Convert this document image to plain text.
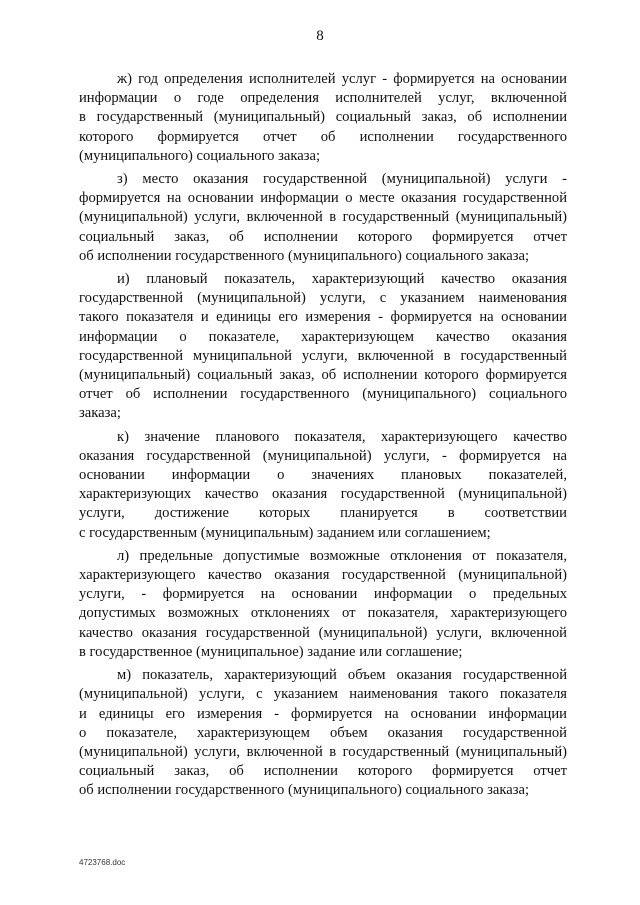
8

ж) год определения исполнителей услуг - формируется на основании
информации о годе определения исполнителей услуг, включенной
в государственный (муниципальный) социальный заказ, об исполнении
которого формируется отчет об исполнении государственного
(муниципального) социального заказа;

з) место оказания государственной (муниципальной) услуги -
формируется на основании информации о месте оказания государственной
(муниципальной) услуги, включенной в государственный (муниципальный)
социальный заказ, об исполнении которого формируется отчет
об исполнении государственного (муниципального) социального заказа;

и) плановый показатель, характеризующий качество оказания
государственной (муниципальной) услуги, с указанием наименования
такого показателя и единицы его измерения - формируется на основании
информации о показателе, характеризующем качество оказания
государственной муниципальной услуги, включенной в государственный
(муниципальный) социальный заказ, об исполнении которого формируется
отчет об исполнении государственного (муниципального) социального
заказа;

к) значение планового показателя, характеризующего качество
оказания государственной (муниципальной) услуги, - формируется на
основании информации о значениях плановых показателей,
характеризующих качество оказания государственной (муниципальной)
услуги, достижение которых планируется в соответствии
с государственным (муниципальным) заданием или соглашением;

л) предельные допустимые возможные отклонения от показателя,
характеризующего качество оказания государственной (муниципальной)
услуги, - формируется на основании информации о предельных
допустимых возможных отклонениях от показателя, характеризующего
качество оказания государственной (муниципальной) услуги, включенной
в государственное (муниципальное) задание или соглашение;

м) показатель, характеризующий объем оказания государственной
(муниципальной) услуги, с указанием наименования такого показателя
и единицы его измерения - формируется на основании информации
о показателе, характеризующем объем оказания государственной
(муниципальной) услуги, включенной в государственный (муниципальный)
социальный заказ, об исполнении которого формируется отчет
об исполнении государственного (муниципального) социального заказа;

4723768.doc
